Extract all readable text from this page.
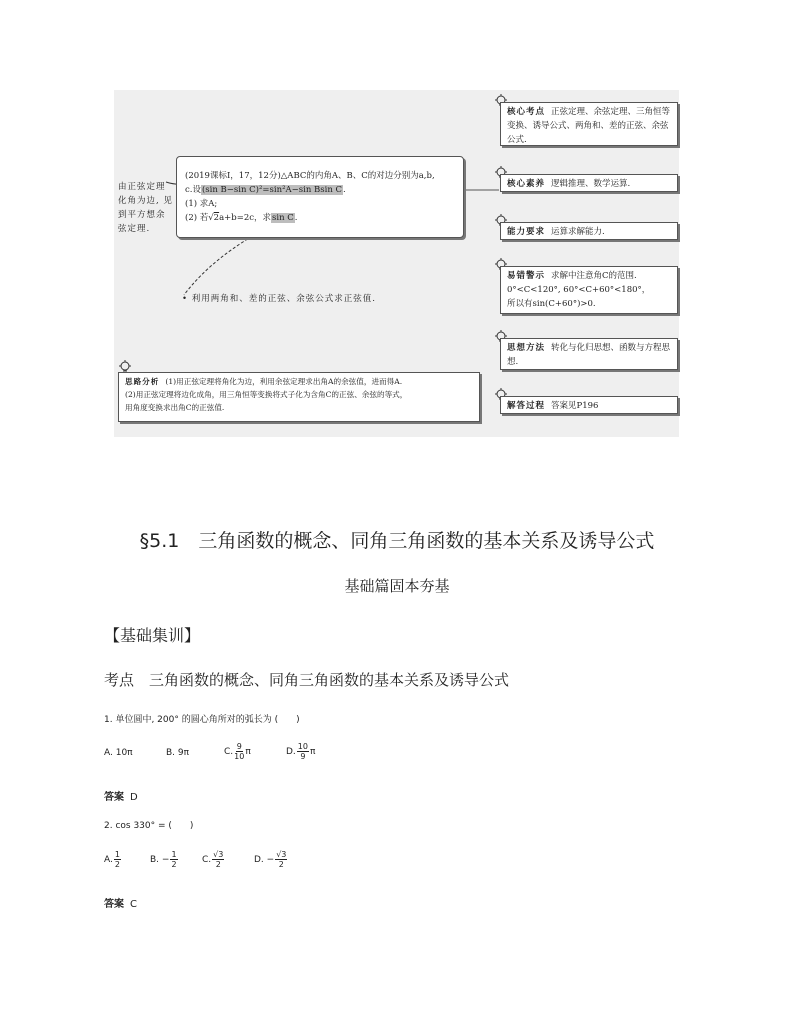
由正弦定理
化角为边, 见
到平方想余
弦定理.
(2019课标Ⅰ，17，12分)△ABC的内角A、B、C的对边分别为a,b,
c.设(sin B−sin C)²=sin²A−sin Bsin C.
(1) 求A;
(2) 若√2a+b=2c，求sin C.
• 利用两角和、差的正弦、余弦公式求正弦值.
核心考点 正弦定理、余弦定理、三角恒等变换、诱导公式、两角和、差的正弦、余弦公式.
核心素养 逻辑推理、数学运算.
能力要求 运算求解能力.
易错警示 求解中注意角C的范围.
0°<C<120°, 60°<C+60°<180°，
所以有sin(C+60°)>0.
思想方法 转化与化归思想、函数与方程思想.
思路分析 (1)用正弦定理将角化为边，利用余弦定理求出角A的余弦值，进而得A.
(2)用正弦定理将边化成角，用三角恒等变换将式子化为含角C的正弦、余弦的等式，
用角度变换求出角C的正弦值.	解答过程 答案见P196
§5.1　三角函数的概念、同角三角函数的基本关系及诱导公式
基础篇固本夯基
【基础集训】
考点　三角函数的概念、同角三角函数的基本关系及诱导公式
1. 单位圆中, 200° 的圆心角所对的弧长为 (　　)
A. 10π	B. 9π	C. $\frac{9}{10}$ π	D. $\frac{10}{9}$ π
答案 D
2. cos 330° = (　　)
A. $\frac{1}{2}$	B. − $\frac{1}{2}$	C. $\frac{√3}{2}$	D. − $\frac{√3}{2}$
答案 C
